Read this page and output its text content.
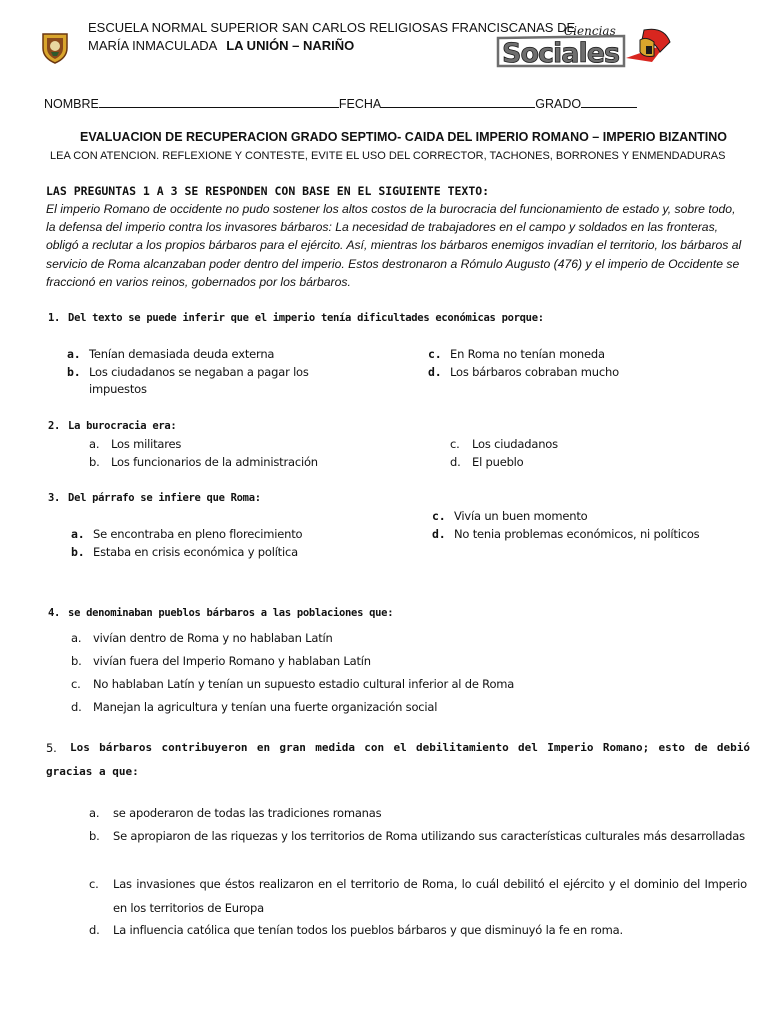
ESCUELA NORMAL SUPERIOR SAN CARLOS RELIGIOSAS FRANCISCANAS DE
MARÍA INMACULADA LA UNIÓN – NARIÑO
Ciencias
Sociales
NOMBRE	FECHA	GRADO
EVALUACION DE RECUPERACION GRADO SEPTIMO- CAIDA DEL IMPERIO ROMANO – IMPERIO BIZANTINO
LEA CON ATENCION. REFLEXIONE Y CONTESTE, EVITE EL USO DEL CORRECTOR, TACHONES, BORRONES Y ENMENDADURAS
LAS PREGUNTAS 1 A 3 SE RESPONDEN CON BASE EN EL SIGUIENTE TEXTO:
El imperio Romano de occidente no pudo sostener los altos costos de la burocracia del funcionamiento de estado y, sobre todo, la defensa del imperio contra los invasores bárbaros: La necesidad de trabajadores en el campo y soldados en las fronteras, obligó a reclutar a los propios bárbaros para el ejército. Así, mientras los bárbaros enemigos invadían el territorio, los bárbaros al servicio de Roma alcanzaban poder dentro del imperio. Estos destronaron a Rómulo Augusto (476) y el imperio de Occidente se fraccionó en varios reinos, gobernados por los bárbaros.
1. Del texto se puede inferir que el imperio tenía dificultades económicas porque:
a. Tenían demasiada deuda externa
b. Los ciudadanos se negaban a pagar los
impuestos
c. En Roma no tenían moneda
d. Los bárbaros cobraban mucho
2. La burocracia era:
a. Los militares
b. Los funcionarios de la administración
c. Los ciudadanos
d. El pueblo
3. Del párrafo se infiere que Roma:
a. Se encontraba en pleno florecimiento
b. Estaba en crisis económica y política
c. Vivía un buen momento
d. No tenia problemas económicos, ni políticos
4. se denominaban pueblos bárbaros a las poblaciones que:
a. vivían dentro de Roma y no hablaban Latín
b. vivían fuera del Imperio Romano y hablaban Latín
c. No hablaban Latín y tenían un supuesto estadio cultural inferior al de Roma
d. Manejan la agricultura y tenían una fuerte organización social
5.	Los bárbaros contribuyeron en gran medida con el debilitamiento del Imperio Romano; esto de debió gracias a que:
a.	se apoderaron de todas las tradiciones romanas
b.	Se apropiaron de las riquezas y los territorios de Roma utilizando sus características culturales más desarrolladas
c.	Las invasiones que éstos realizaron en el territorio de Roma, lo cuál debilitó el ejército y el dominio del Imperio en los territorios de Europa
d.	La influencia católica que tenían todos los pueblos bárbaros y que disminuyó la fe en roma.
